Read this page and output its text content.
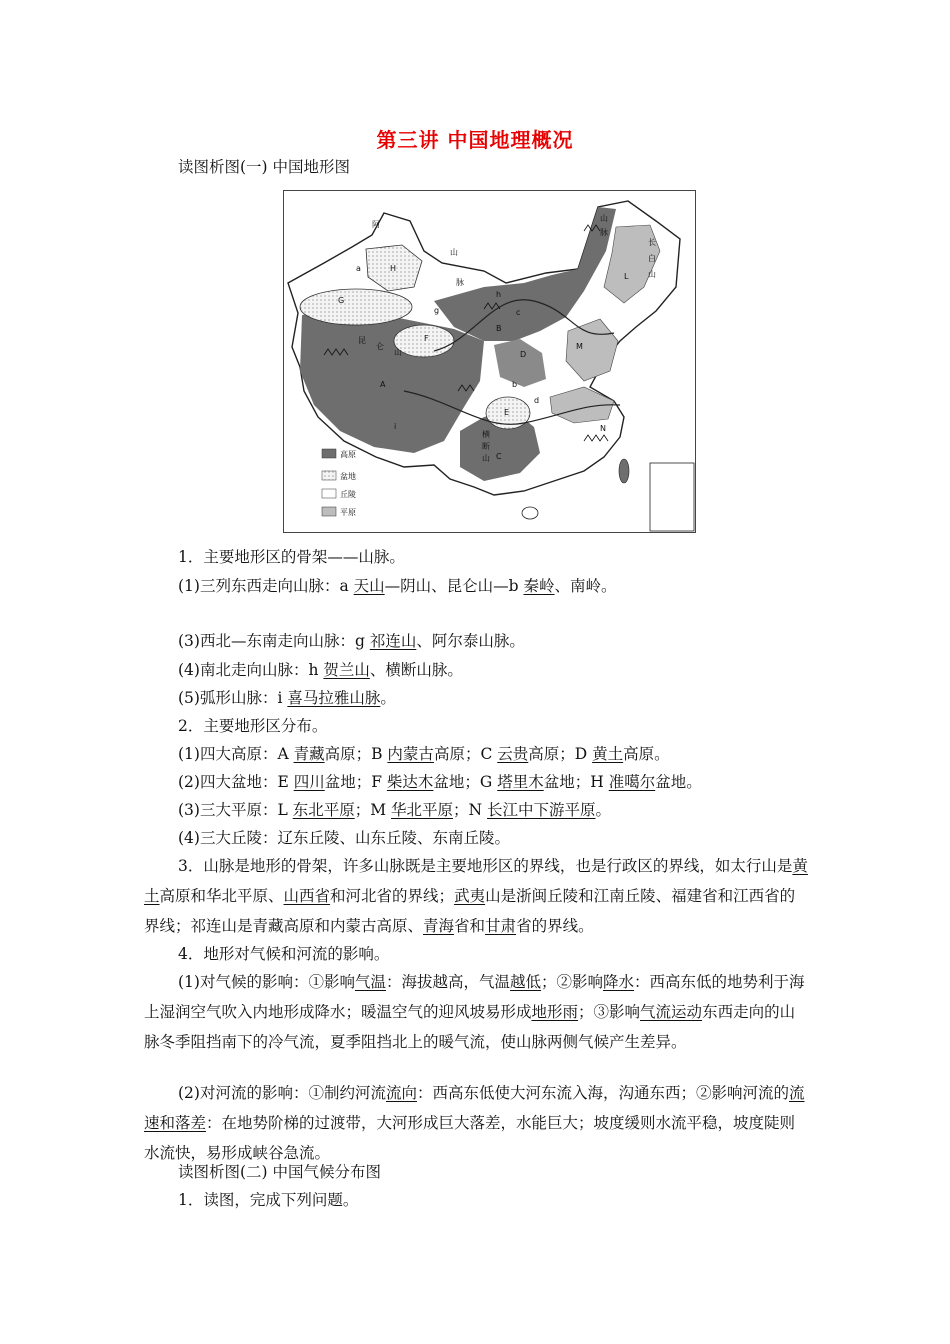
第三讲 中国地理概况
读图析图(一) 中国地形图
高原
盆地
丘陵
平原
阿
a	H
G
昆
仑
山
F
A
山
脉
B
D
M
L
长
白
山
b
E
C
N
c
d
横
断
山
山
脉
h
i
g
1．主要地形区的骨架——山脉。
(1)三列东西走向山脉：a 天山—阴山、昆仑山—b 秦岭、南岭。
(3)西北—东南走向山脉：g 祁连山、阿尔泰山脉。
(4)南北走向山脉：h 贺兰山、横断山脉。
(5)弧形山脉：i 喜马拉雅山脉。
2．主要地形区分布。
(1)四大高原：A 青藏高原；B 内蒙古高原；C 云贵高原；D 黄土高原。
(2)四大盆地：E 四川盆地；F 柴达木盆地；G 塔里木盆地；H 准噶尔盆地。
(3)三大平原：L 东北平原；M 华北平原；N 长江中下游平原。
(4)三大丘陵：辽东丘陵、山东丘陵、东南丘陵。
3．山脉是地形的骨架，许多山脉既是主要地形区的界线，也是行政区的界线，如太行山是黄土高原和华北平原、山西省和河北省的界线；武夷山是浙闽丘陵和江南丘陵、福建省和江西省的界线；祁连山是青藏高原和内蒙古高原、青海省和甘肃省的界线。
4．地形对气候和河流的影响。
(1)对气候的影响：①影响气温：海拔越高，气温越低；②影响降水：西高东低的地势利于海上湿润空气吹入内地形成降水；暖温空气的迎风坡易形成地形雨；③影响气流运动东西走向的山脉冬季阻挡南下的冷气流，夏季阻挡北上的暖气流，使山脉两侧气候产生差异。
(2)对河流的影响：①制约河流流向：西高东低使大河东流入海，沟通东西；②影响河流的流速和落差：在地势阶梯的过渡带，大河形成巨大落差，水能巨大；坡度缓则水流平稳，坡度陡则水流快，易形成峡谷急流。
读图析图(二) 中国气候分布图
1．读图，完成下列问题。
